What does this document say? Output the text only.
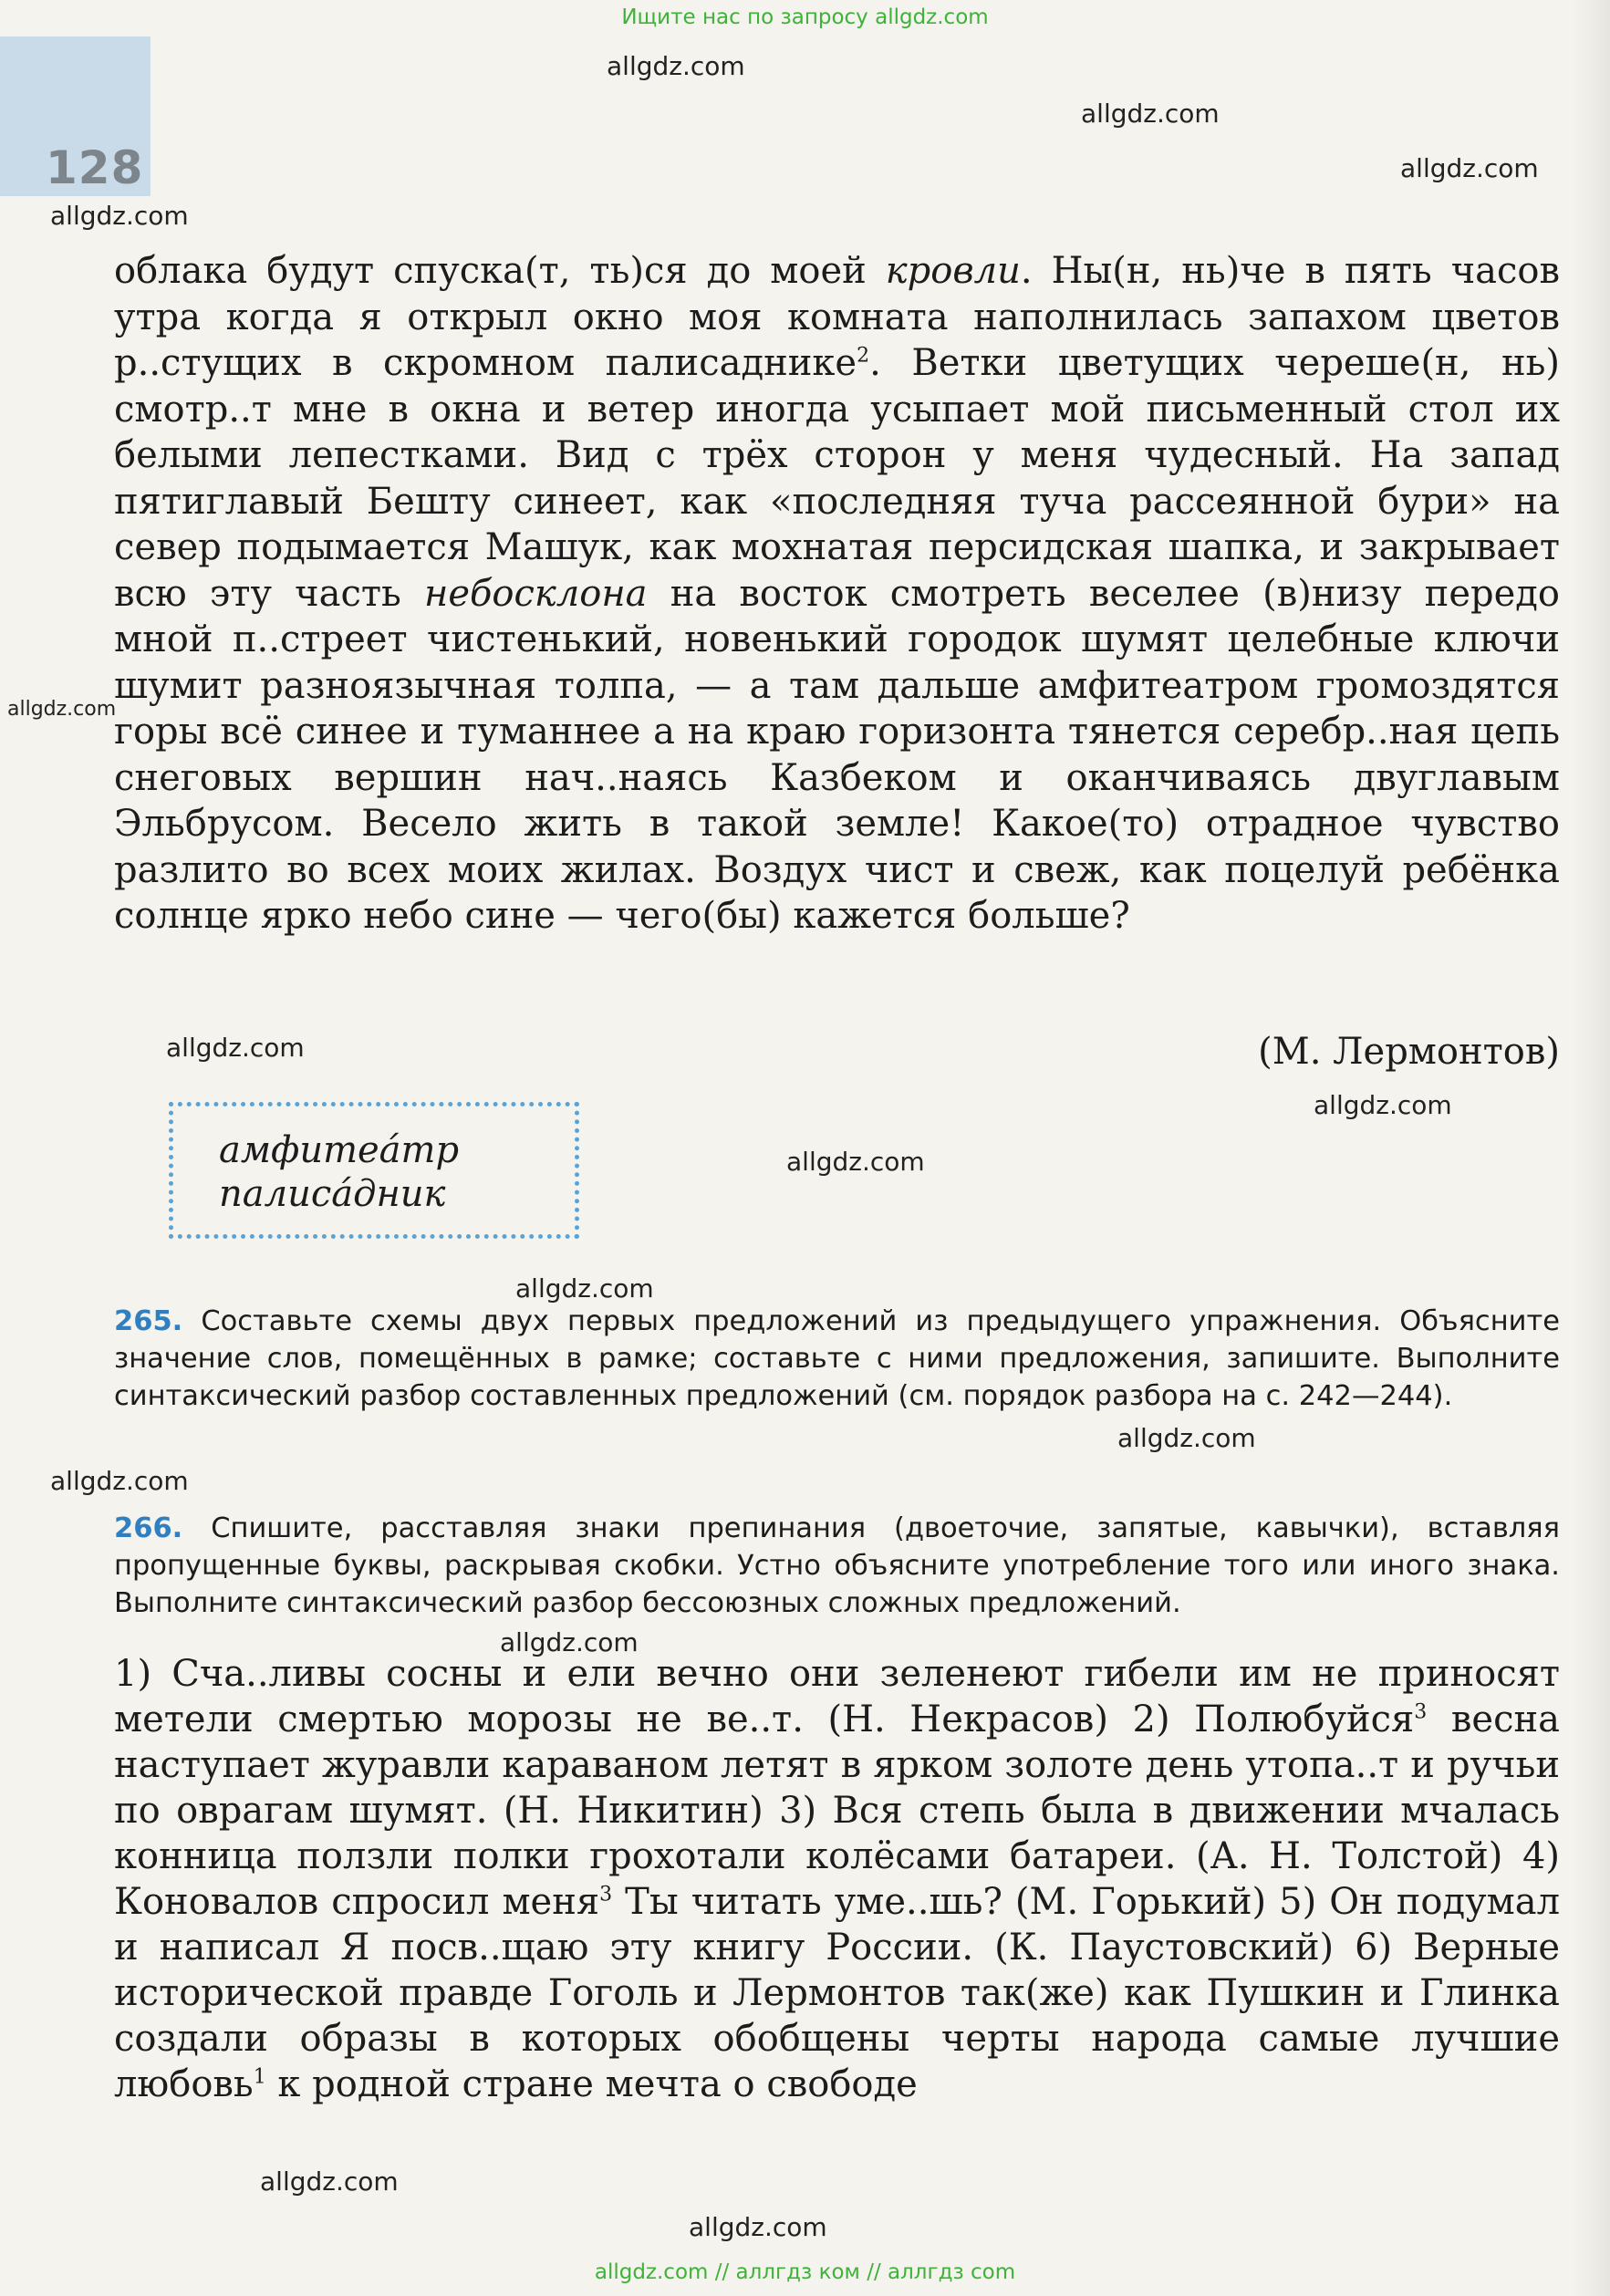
Ищите нас по запросу allgdz.com
128
allgdz.com
allgdz.com
allgdz.com
allgdz.com

облака будут спуска(т, ть)ся до моей кровли. Ны(н, нь)че в пять часов утра когда я открыл окно моя комната наполнилась запахом цветов р..стущих в скромном палисаднике$^2$. Ветки цветущих череше(н, нь) смотр..т мне в окна и ветер иногда усыпает мой письменный стол их белыми лепестками. Вид с трёх сторон у меня чудесный. На запад пятиглавый Бешту синеет, как «последняя туча рассеянной бури» на север подымается Машук, как мохнатая персидская шапка, и закрывает всю эту часть небосклона на восток смотреть веселее (в)низу передо мной п..стреет чистенький, новенький городок шумят целебные ключи шумит разноязычная толпа, — а там дальше амфитеатром громоздятся горы всё синее и туманнее а на краю горизонта тянется серебр..ная цепь снеговых вершин нач..наясь Казбеком и оканчиваясь двуглавым Эльбрусом. Весело жить в такой земле! Какое(то) отрадное чувство разлито во всех моих жилах. Воздух чист и свеж, как поцелуй ребёнка солнце ярко небо сине — чего(бы) кажется больше?

allgdz.com
allgdz.com	(М. Лермонтов)
allgdz.com
амфитеáтр
палисáдник
allgdz.com
allgdz.com
265. Составьте схемы двух первых предложений из предыдущего упражнения. Объясните значение слов, помещённых в рамке; составьте с ними предложения, запишите. Выполните синтаксический разбор составленных предложений (см. порядок разбора на с. 242—244).
allgdz.com
allgdz.com
266. Спишите, расставляя знаки препинания (двоеточие, запятые, кавычки), вставляя пропущенные буквы, раскрывая скобки. Устно объясните употребление того или иного знака. Выполните синтаксический разбор бессоюзных сложных предложений.
allgdz.com

1) Сча..ливы сосны и ели вечно они зеленеют гибели им не приносят метели смертью морозы не ве..т. (Н. Некрасов) 2) Полюбуйся$^3$ весна наступает журавли караваном летят в ярком золоте день утопа..т и ручьи по оврагам шумят. (Н. Никитин) 3) Вся степь была в движении мчалась конница ползли полки грохотали колёсами батареи. (А. Н. Толстой) 4) Коновалов спросил меня$^3$ Ты читать уме..шь? (М. Горький) 5) Он подумал и написал Я посв..щаю эту книгу России. (К. Паустовский) 6) Верные исторической правде Гоголь и Лермонтов так(же) как Пушкин и Глинка создали образы в которых обобщены черты народа самые лучшие любовь$^1$ к родной стране мечта о свободе

allgdz.com
allgdz.com
allgdz.com // аллгдз ком // аллгдз com
